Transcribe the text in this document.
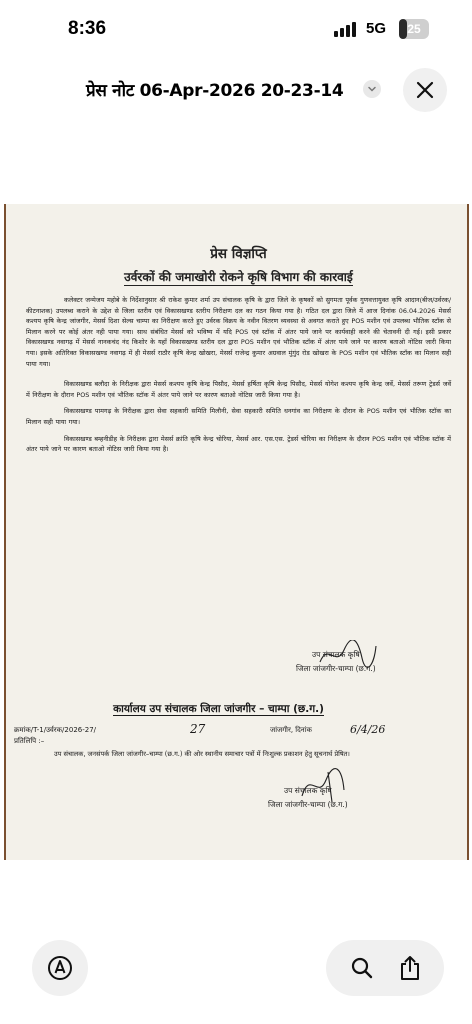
8:36	5G	25
प्रेस नोट 06-Apr-2026 20-23-14
प्रेस विज्ञप्ति
उर्वरकों की जमाखोरी रोकने कृषि विभाग की कारवाई
कलेक्टर जन्मेजय महोबे के निर्देशानुसार श्री राकेश कुमार शर्मा उप संचालक कृषि के द्वारा जिले के कृषकों को सुगमता पूर्वक गुणवत्तायुक्त कृषि आदान(बीज/उर्वरक/कीटनाशक) उपलब्ध कराने के उद्देश से जिला स्तरीय एवं विकासखण्ड स्तरीय निरीक्षण दल का गठन किया गया है। गठित दल द्वारा जिले में आज दिनांक 06.04.2026 मेसर्स कश्यप कृषि केन्द्र जांजगीर, मेसर्स दिशा सेल्स चाम्पा का निरीक्षण करते हुए उर्वरक विक्रय के नवीन वितरण व्यवस्था से अवगत कराते हुए POS मशीन एवं उपलब्ध भौतिक स्टॉक से मिलान करने पर कोई अंतर नही पाया गया। साथ संबंधित मेसर्स को भविष्य में यदि POS एवं स्टॉक में अंतर पाये जाने पर कार्यवाही करने की चेतावनी दी गई। इसी प्रकार विकासखण्ड नवागढ़ में मेसर्स नानकचंद नंद किशोर के यहाँ विकासखण्ड स्तरीय दल द्वारा POS मशीन एवं भौतिक स्टॉक में अंतर पाये जाने पर कारण बताओ नोटिस जारी किया गया। इसके अतिरिक्त विकासखण्ड नवागढ़ में ही मेसर्स राठौर कृषि केन्द्र खोखरा, मेसर्स राजेन्द्र कुमार अग्रवाल मुंगुंद रोड खोखरा के POS मशीन एवं भौतिक स्टॉक का मिलान सही पाया गया।
विकासखण्ड बलौदा के निरीक्षक द्वारा मेसर्स कश्यप कृषि केन्द्र पिसौद, मेसर्स हर्षिता कृषि केन्द्र पिसौद, मेसर्स योगेश कश्यप कृषि केन्द्र जर्वे, मेसर्स तरूण ट्रेडर्स जर्वे में निरीक्षण के दौरान POS मशीन एवं भौतिक स्टॉक में अंतर पाये जाने पर कारण बताओ नोटिस जारी किया गया है।
विकासखण्ड पामगढ़ के निरीक्षक द्वारा सेवा सहकारी समिति मिलौनी, सेवा सहकारी समिति धनगांव का निरीक्षण के दौरान के POS मशीन एवं भौतिक स्टॉक का मिलान सही पाया गया।
विकासखण्ड बम्हनीडीह के निरीक्षक द्वारा मेसर्स क्रांति कृषि केन्द्र चोरिया, मेसर्स आर. एस.एस. ट्रेडर्स चोरिया का निरीक्षण के दौरान POS मशीन एवं भौतिक स्टॉक में अंतर पाये जाने पर कारण बताओ नोटिस जारी किया गया है।
उप संचालक कृषि
जिला जांजगीर-चाम्पा (छ.ग.)
कार्यालय उप संचालक जिला जांजगीर – चाम्पा (छ.ग.)
क्रमांक/T-1/उर्वरक/2026-27/	27	जांजगीर, दिनांक	6/4/26
प्रतिलिपि :–
उप संचालक, जनसंपर्क जिला जांजगीर–चाम्पा (छ.ग.) की ओर स्थानीय समाचार पत्रों में निःशुल्क प्रकाशन हेतु सूचनार्थ प्रेषित।
उप संचालक कृषि
जिला जांजगीर-चाम्पा (छ.ग.)
